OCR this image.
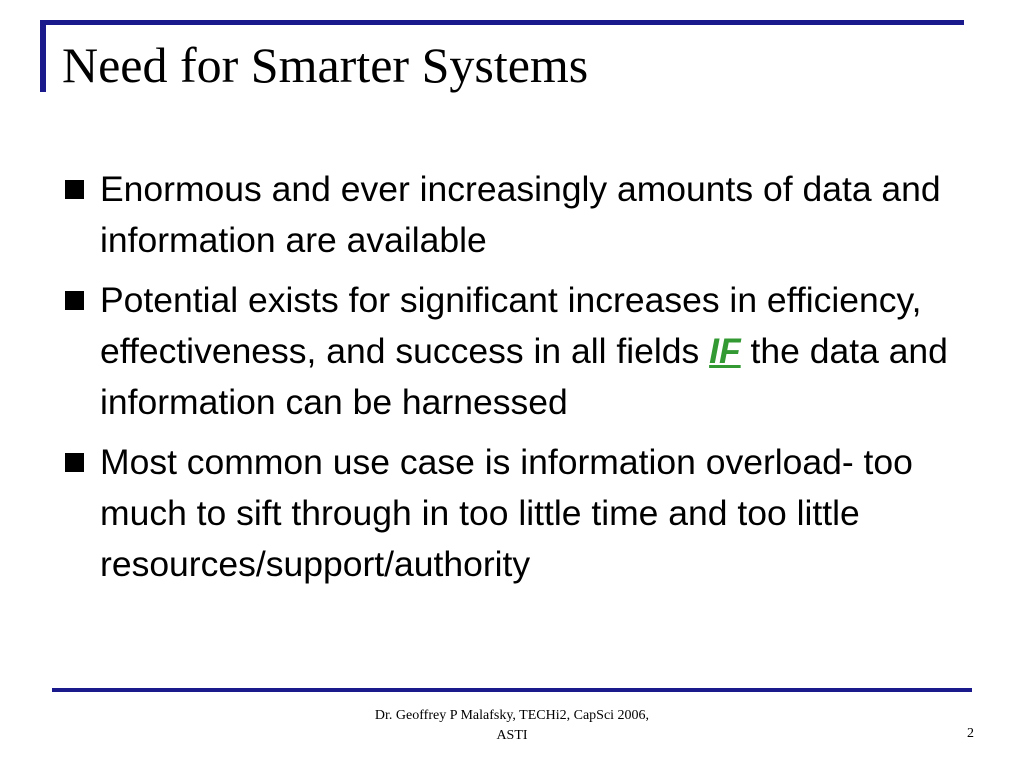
Need for Smarter Systems
Enormous and ever increasingly amounts of data and information are available
Potential exists for significant increases in efficiency, effectiveness, and success in all fields IF the data and information can be harnessed
Most common use case is information overload- too much to sift through in too little time and too little resources/support/authority
Dr. Geoffrey P Malafsky, TECHi2, CapSci 2006,
ASTI	2
